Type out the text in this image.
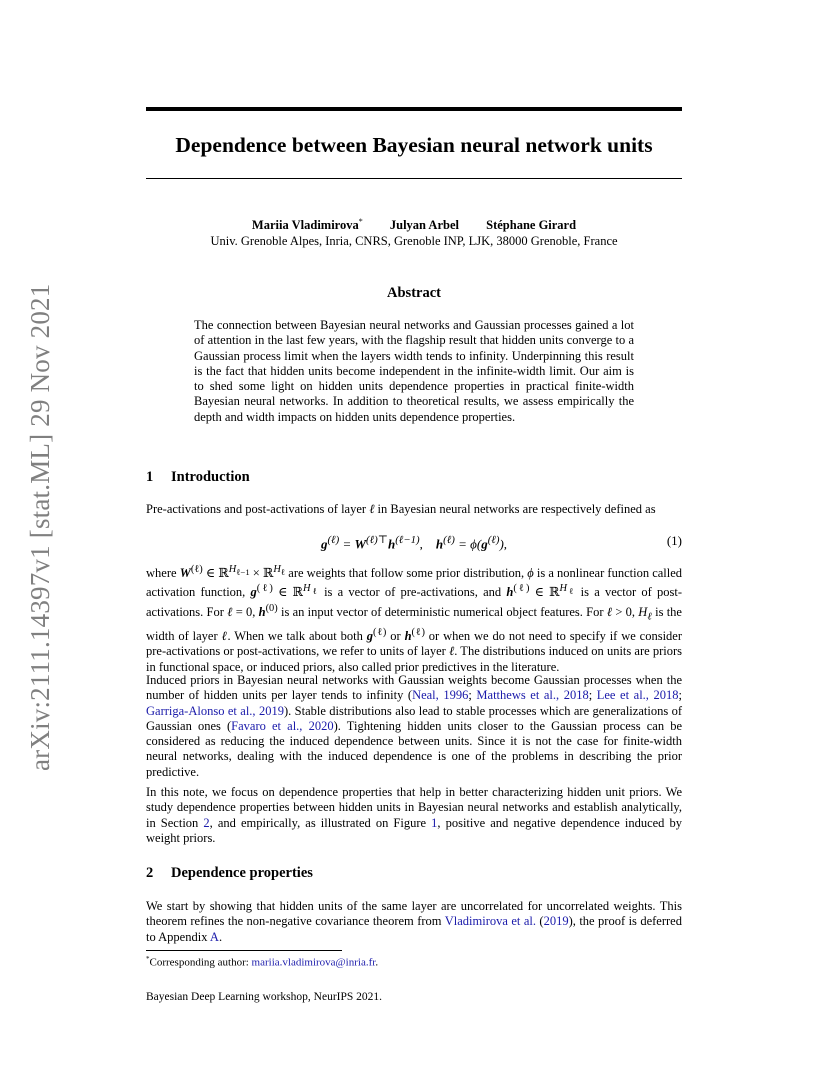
arXiv:2111.14397v1 [stat.ML] 29 Nov 2021
Dependence between Bayesian neural network units
Mariia Vladimirova* Julyan Arbel Stéphane Girard
Univ. Grenoble Alpes, Inria, CNRS, Grenoble INP, LJK, 38000 Grenoble, France
Abstract

The connection between Bayesian neural networks and Gaussian processes gained a lot of attention in the last few years, with the flagship result that hidden units converge to a Gaussian process limit when the layers width tends to infinity. Underpinning this result is the fact that hidden units become independent in the infinite-width limit. Our aim is to shed some light on hidden units dependence properties in practical finite-width Bayesian neural networks. In addition to theoretical results, we assess empirically the depth and width impacts on hidden units dependence properties.

1 Introduction

Pre-activations and post-activations of layer ℓ in Bayesian neural networks are respectively defined as

$g^{(\ell)} = W^{(\ell)⊤}h^{(\ell-1)}$,    $h^{(\ell)} = \phi(g^{(\ell)})$,	(1)

where $W^{(\ell)}$ ∈ ℝ$^{H_{\ell-1}}$ × ℝ$^{H_\ell}$ are weights that follow some prior distribution, ϕ is a nonlinear function called activation function, $g^{(\ell)}$ ∈ ℝ$^{H_\ell}$ is a vector of pre-activations, and $h^{(\ell)}$ ∈ ℝ$^{H_\ell}$ is a vector of post-activations. For ℓ = 0, $h^{(0)}$ is an input vector of deterministic numerical object features. For ℓ > 0, $H_\ell$ is the width of layer ℓ. When we talk about both $g^{(\ell)}$ or $h^{(\ell)}$ or when we do not need to specify if we consider pre-activations or post-activations, we refer to units of layer ℓ. The distributions induced on units are priors in functional space, or induced priors, also called prior predictives in the literature.

Induced priors in Bayesian neural networks with Gaussian weights become Gaussian processes when the number of hidden units per layer tends to infinity (Neal, 1996; Matthews et al., 2018; Lee et al., 2018; Garriga-Alonso et al., 2019). Stable distributions also lead to stable processes which are generalizations of Gaussian ones (Favaro et al., 2020). Tightening hidden units closer to the Gaussian process can be considered as reducing the induced dependence between units. Since it is not the case for finite-width neural networks, dealing with the induced dependence is one of the problems in describing the prior predictive.

In this note, we focus on dependence properties that help in better characterizing hidden unit priors. We study dependence properties between hidden units in Bayesian neural networks and establish analytically, in Section 2, and empirically, as illustrated on Figure 1, positive and negative dependence induced by weight priors.

2 Dependence properties

We start by showing that hidden units of the same layer are uncorrelated for uncorrelated weights. This theorem refines the non-negative covariance theorem from Vladimirova et al. (2019), the proof is deferred to Appendix A.

*Corresponding author: mariia.vladimirova@inria.fr.
Bayesian Deep Learning workshop, NeurIPS 2021.
